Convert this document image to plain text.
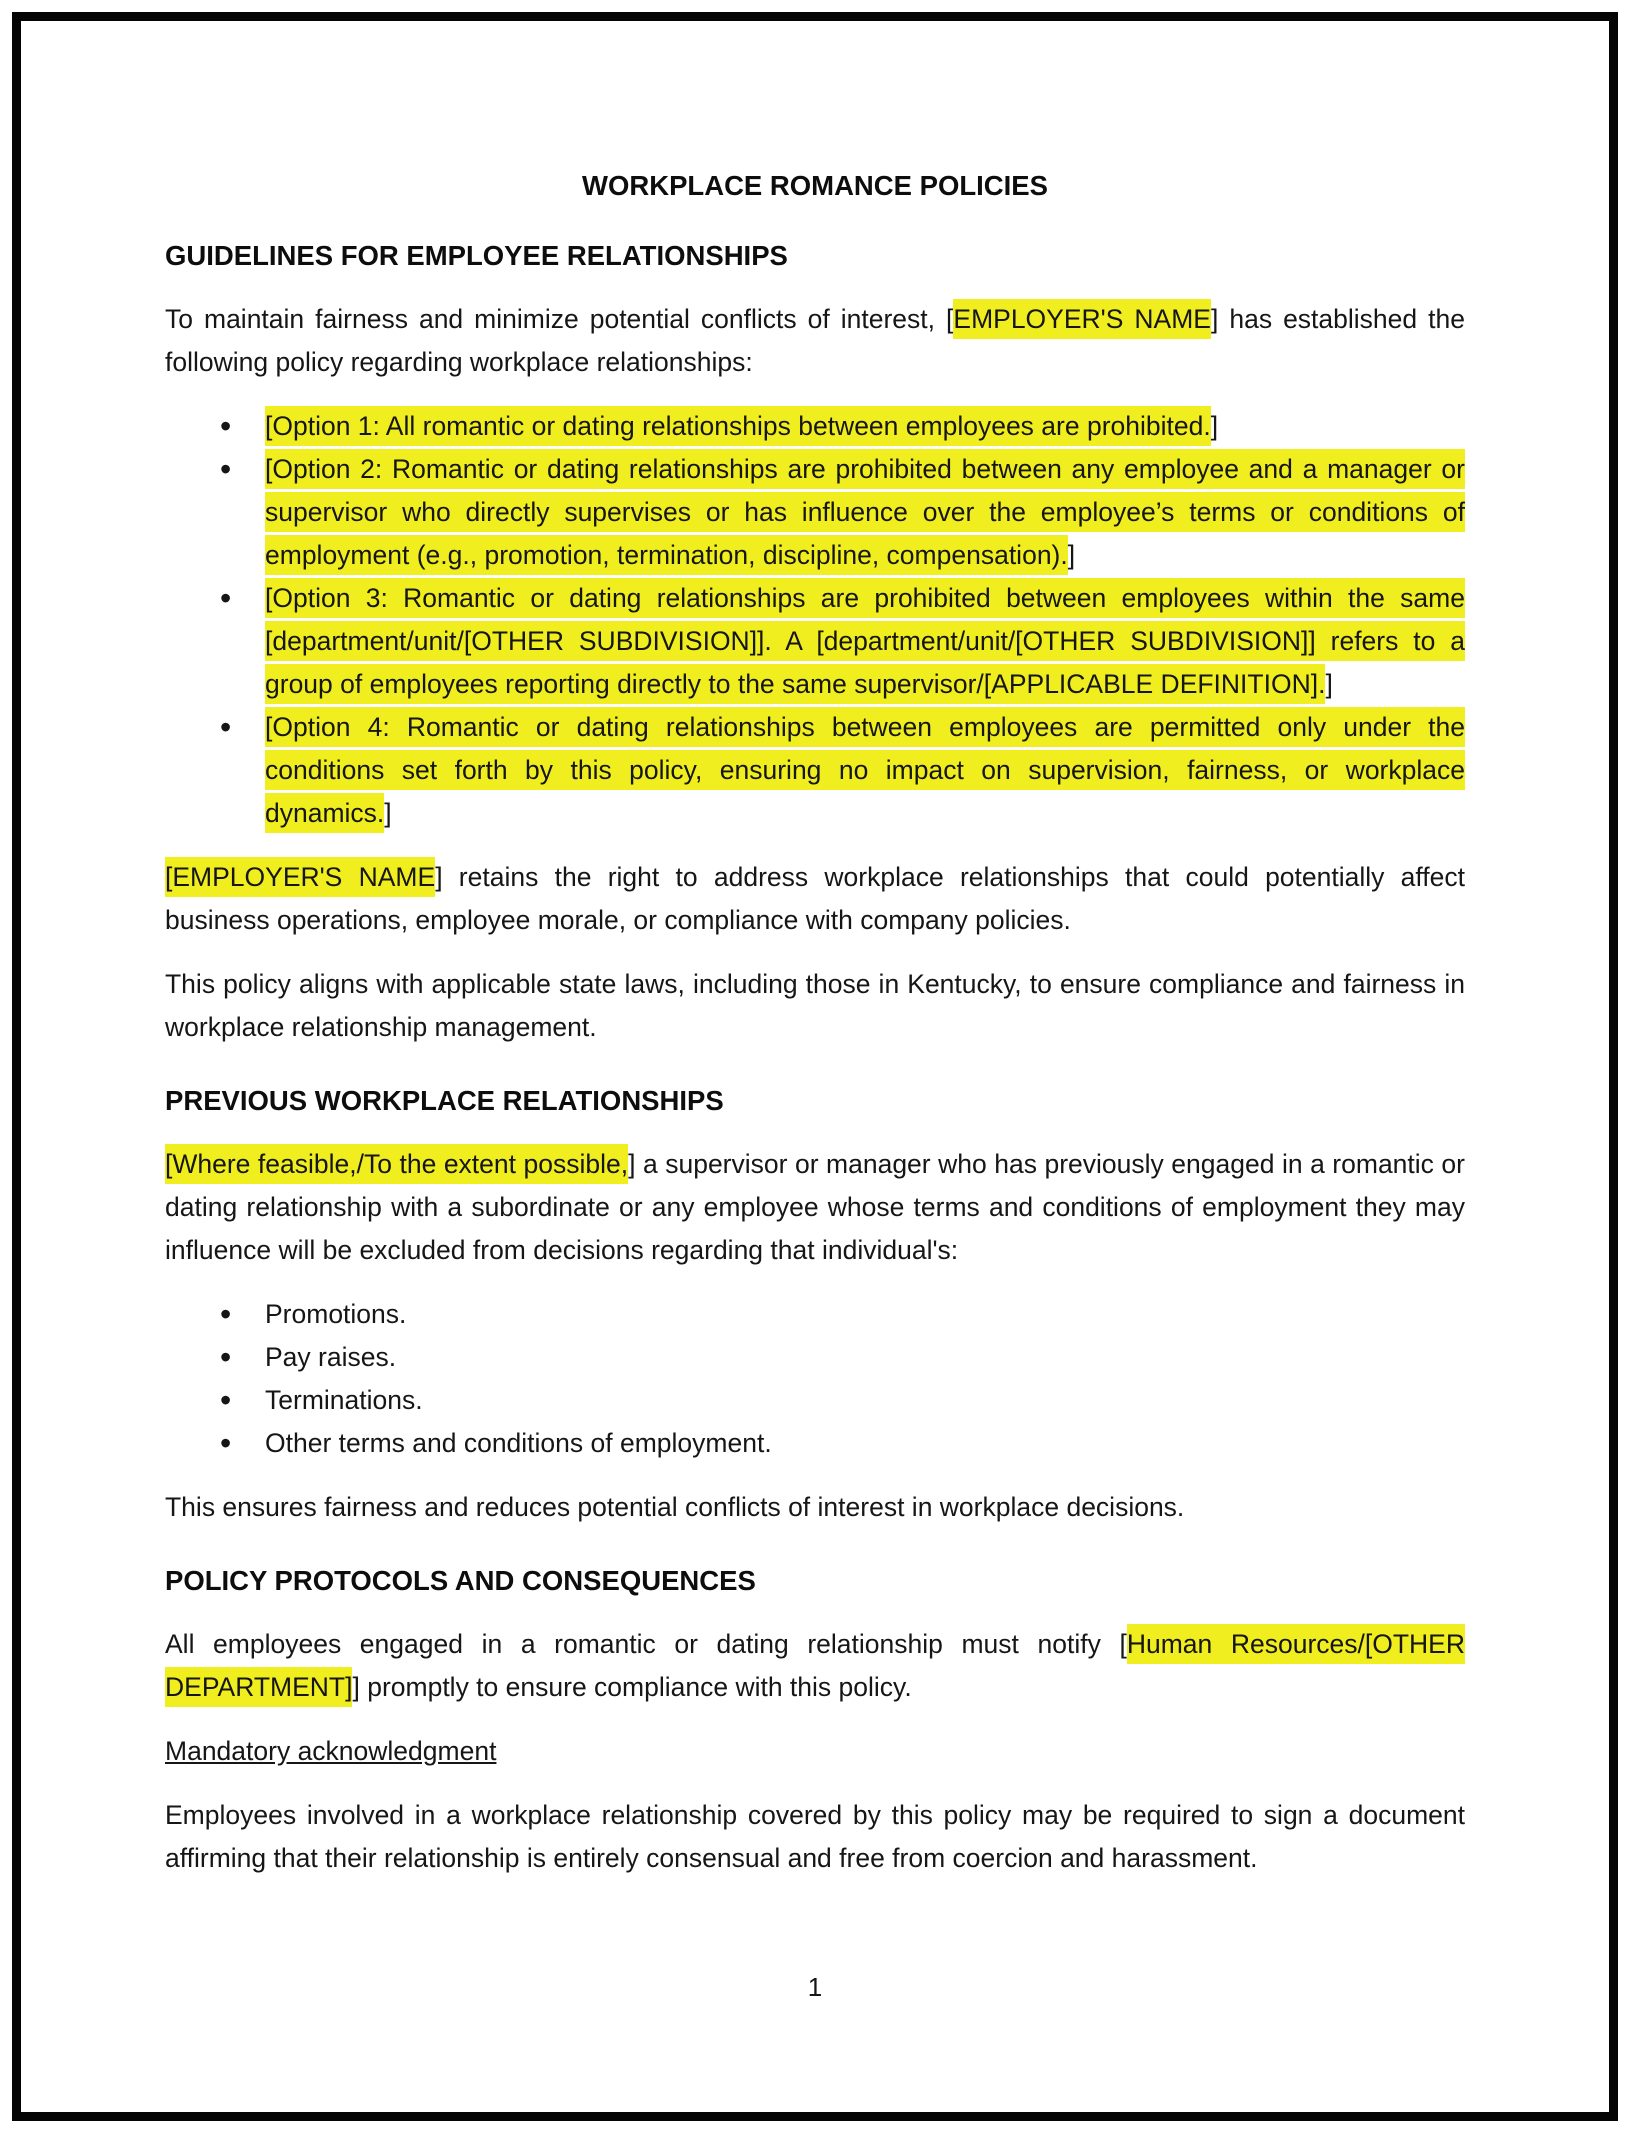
WORKPLACE ROMANCE POLICIES
GUIDELINES FOR EMPLOYEE RELATIONSHIPS

To maintain fairness and minimize potential conflicts of interest, [EMPLOYER'S NAME] has established the following policy regarding workplace relationships:

•
[Option 1: All romantic or dating relationships between employees are prohibited.]
•
[Option 2: Romantic or dating relationships are prohibited between any employee and a manager or supervisor who directly supervises or has influence over the employee’s terms or conditions of employment (e.g., promotion, termination, discipline, compensation).]
•
[Option 3: Romantic or dating relationships are prohibited between employees within the same [department/unit/[OTHER SUBDIVISION]]. A [department/unit/[OTHER SUBDIVISION]] refers to a group of employees reporting directly to the same supervisor/[APPLICABLE DEFINITION].]
•
[Option 4: Romantic or dating relationships between employees are permitted only under the conditions set forth by this policy, ensuring no impact on supervision, fairness, or workplace dynamics.]

[EMPLOYER'S NAME] retains the right to address workplace relationships that could potentially affect business operations, employee morale, or compliance with company policies.

This policy aligns with applicable state laws, including those in Kentucky, to ensure compliance and fairness in workplace relationship management.

PREVIOUS WORKPLACE RELATIONSHIPS

[Where feasible,/To the extent possible,] a supervisor or manager who has previously engaged in a romantic or dating relationship with a subordinate or any employee whose terms and conditions of employment they may influence will be excluded from decisions regarding that individual's:

•
Promotions.
•
Pay raises.
•
Terminations.
•
Other terms and conditions of employment.

This ensures fairness and reduces potential conflicts of interest in workplace decisions.

POLICY PROTOCOLS AND CONSEQUENCES

All employees engaged in a romantic or dating relationship must notify [Human Resources/[OTHER DEPARTMENT]] promptly to ensure compliance with this policy.

Mandatory acknowledgment

Employees involved in a workplace relationship covered by this policy may be required to sign a document affirming that their relationship is entirely consensual and free from coercion and harassment.

1
